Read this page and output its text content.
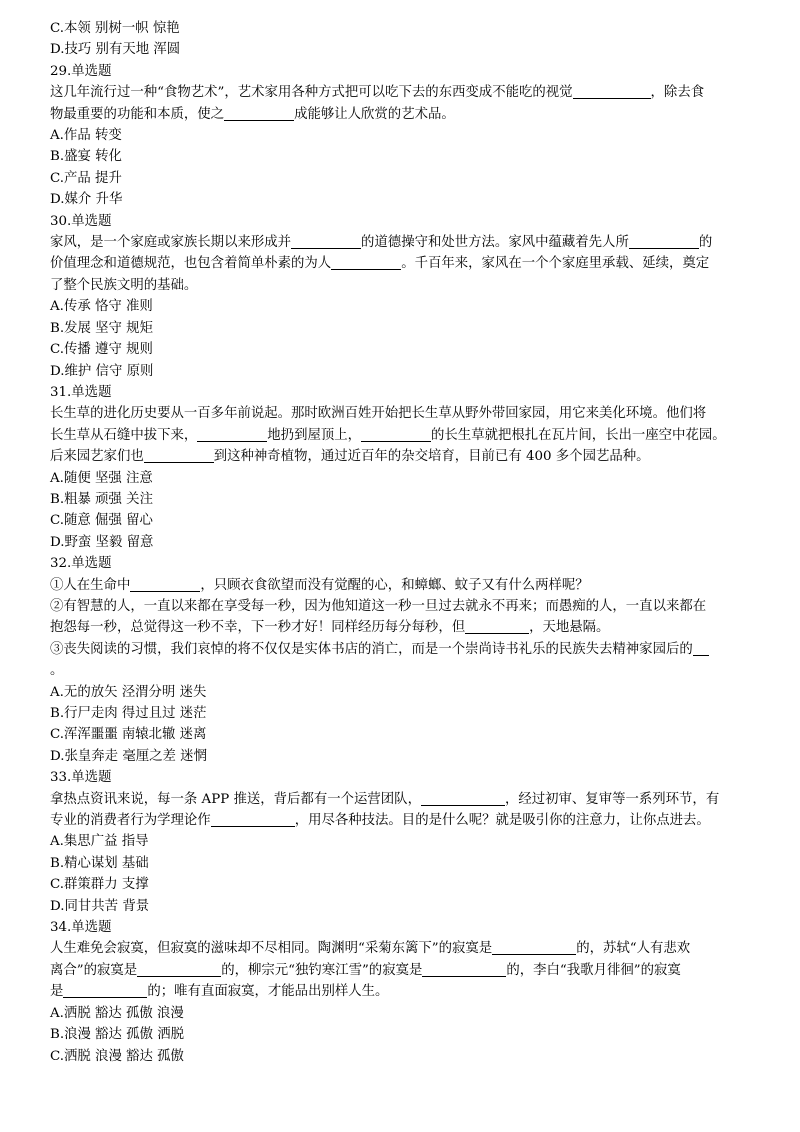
C.本领 别树一帜 惊艳
D.技巧 别有天地 浑圆
29.单选题
这几年流行过一种“食物艺术”，艺术家用各种方式把可以吃下去的东西变成不能吃的视觉	，除去食
物最重要的功能和本质，使之	成能够让人欣赏的艺术品。
A.作品 转变
B.盛宴 转化
C.产品 提升
D.媒介 升华
30.单选题
家风，是一个家庭或家族长期以来形成并	的道德操守和处世方法。家风中蕴藏着先人所	的
价值理念和道德规范，也包含着简单朴素的为人	。千百年来，家风在一个个家庭里承载、延续，奠定
了整个民族文明的基础。
A.传承 恪守 准则
B.发展 坚守 规矩
C.传播 遵守 规则
D.维护 信守 原则
31.单选题
长生草的进化历史要从一百多年前说起。那时欧洲百姓开始把长生草从野外带回家园，用它来美化环境。他们将
长生草从石缝中拔下来，	地扔到屋顶上，	的长生草就把根扎在瓦片间，长出一座空中花园。
后来园艺家们也	到这种神奇植物，通过近百年的杂交培育，目前已有 400 多个园艺品种。
A.随便 坚强 注意
B.粗暴 顽强 关注
C.随意 倔强 留心
D.野蛮 坚毅 留意
32.单选题
①人在生命中	，只顾衣食欲望而没有觉醒的心，和蟑螂、蚊子又有什么两样呢？
②有智慧的人，一直以来都在享受每一秒，因为他知道这一秒一旦过去就永不再来；而愚痴的人，一直以来都在
抱怨每一秒，总觉得这一秒不幸，下一秒才好！同样经历每分每秒，但	，天地悬隔。
③丧失阅读的习惯，我们哀悼的将不仅仅是实体书店的消亡，而是一个崇尚诗书礼乐的民族失去精神家园后的
。
A.无的放矢 泾渭分明 迷失
B.行尸走肉 得过且过 迷茫
C.浑浑噩噩 南辕北辙 迷离
D.张皇奔走 毫厘之差 迷惘
33.单选题
拿热点资讯来说，每一条 APP 推送，背后都有一个运营团队，	，经过初审、复审等一系列环节，有
专业的消费者行为学理论作	，用尽各种技法。目的是什么呢？就是吸引你的注意力，让你点进去。
A.集思广益 指导
B.精心谋划 基础
C.群策群力 支撑
D.同甘共苦 背景
34.单选题
人生难免会寂寞，但寂寞的滋味却不尽相同。陶渊明“采菊东篱下”的寂寞是	的，苏轼“人有悲欢
离合”的寂寞是	的，柳宗元“独钓寒江雪”的寂寞是	的，李白“我歌月徘徊”的寂寞
是	的；唯有直面寂寞，才能品出别样人生。
A.洒脱 豁达 孤傲 浪漫
B.浪漫 豁达 孤傲 洒脱
C.洒脱 浪漫 豁达 孤傲
